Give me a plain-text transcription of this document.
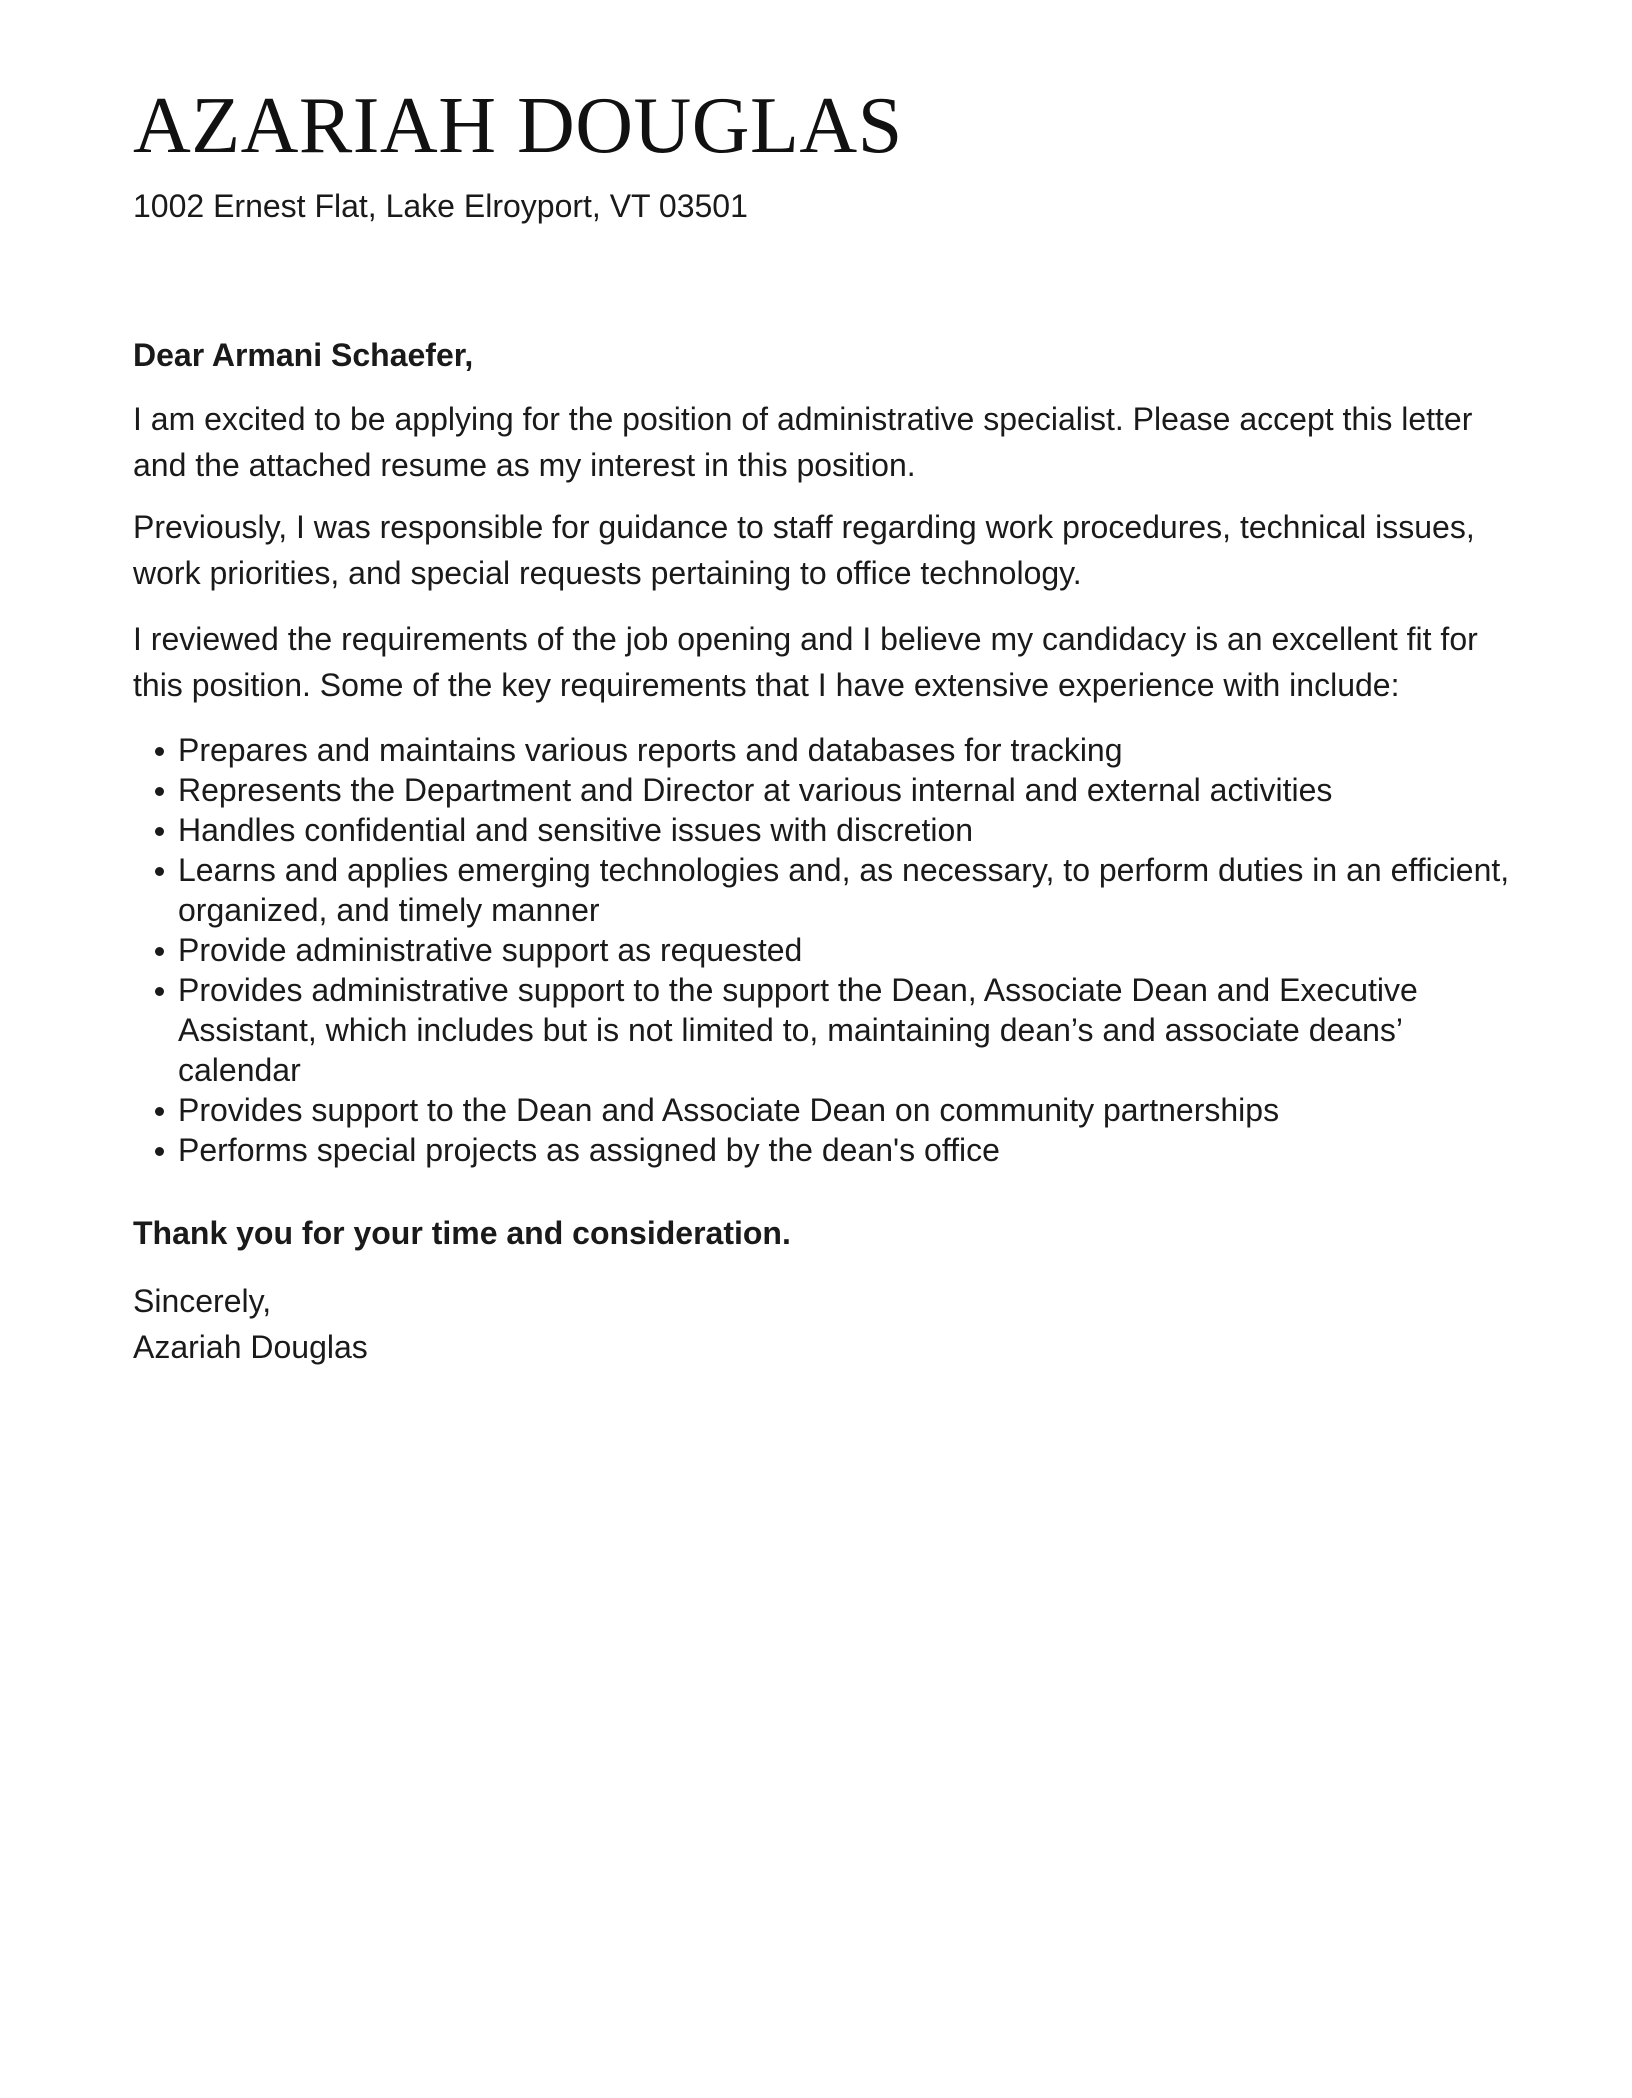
AZARIAH DOUGLAS
1002 Ernest Flat, Lake Elroyport, VT 03501

Dear Armani Schaefer,

I am excited to be applying for the position of administrative specialist. Please accept this letter and the attached resume as my interest in this position.

Previously, I was responsible for guidance to staff regarding work procedures, technical issues, work priorities, and special requests pertaining to office technology.

I reviewed the requirements of the job opening and I believe my candidacy is an excellent fit for this position. Some of the key requirements that I have extensive experience with include:

Prepares and maintains various reports and databases for tracking
Represents the Department and Director at various internal and external activities
Handles confidential and sensitive issues with discretion
Learns and applies emerging technologies and, as necessary, to perform duties in an efficient, organized, and timely manner
Provide administrative support as requested
Provides administrative support to the support the Dean, Associate Dean and Executive Assistant, which includes but is not limited to, maintaining dean’s and associate deans’ calendar
Provides support to the Dean and Associate Dean on community partnerships
Performs special projects as assigned by the dean's office

Thank you for your time and consideration.

Sincerely,
Azariah Douglas
